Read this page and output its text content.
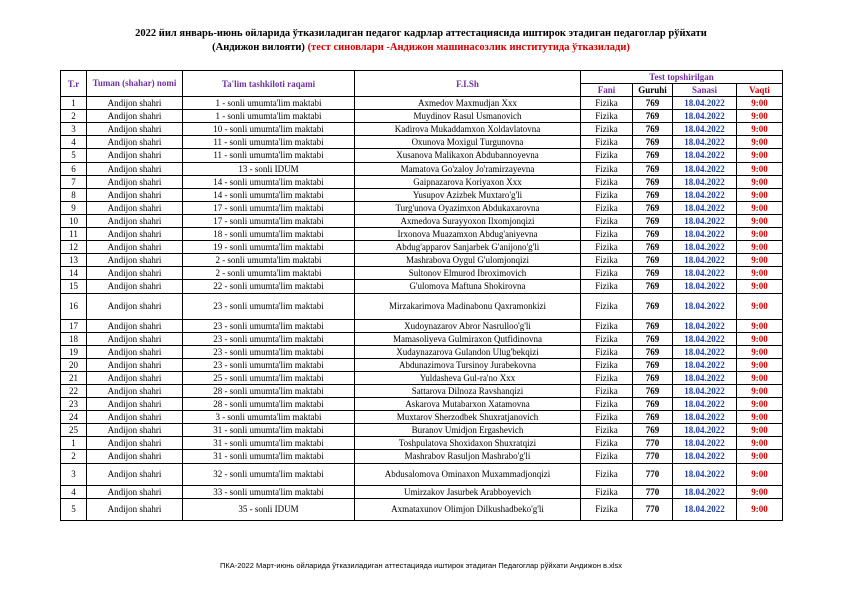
2022 йил январь-июнь ойларида ўтказиладиган педагог кадрлар аттестациясида иштирок этадиган педагоглар рўйхати
(Андижон вилояти) (тест синовлари -Андижон машинасозлик институтида ўтказилади)
T.r	Tuman (shahar) nomi	Ta'lim tashkiloti raqami	F.I.Sh	Test topshirilgan			
				Fani	Guruhi	Sanasi	Vaqti
1	Andijon shahri	1 - sonli umumta'lim maktabi	Axmedov Maxmudjan Xxx	Fizika	769	18.04.2022	9:00
2	Andijon shahri	1 - sonli umumta'lim maktabi	Muydinov Rasul Usmanovich	Fizika	769	18.04.2022	9:00
3	Andijon shahri	10 - sonli umumta'lim maktabi	Kadirova Mukaddamxon Xoldavlatovna	Fizika	769	18.04.2022	9:00
4	Andijon shahri	11 - sonli umumta'lim maktabi	Oxunova Moxigul Turgunovna	Fizika	769	18.04.2022	9:00
5	Andijon shahri	11 - sonli umumta'lim maktabi	Xusanova Malikaxon Abdubannoyevna	Fizika	769	18.04.2022	9:00
6	Andijon shahri	13 - sonli IDUM	Mamatova Go'zaloy Jo'ramirzayevna	Fizika	769	18.04.2022	9:00
7	Andijon shahri	14 - sonli umumta'lim maktabi	Gaipnazarova Koriyaxon Xxx	Fizika	769	18.04.2022	9:00
8	Andijon shahri	14 - sonli umumta'lim maktabi	Yusupov Azizbek Muxtaro'g'li	Fizika	769	18.04.2022	9:00
9	Andijon shahri	17 - sonli umumta'lim maktabi	Turg'unova Oyazimxon Abdukaxarovna	Fizika	769	18.04.2022	9:00
10	Andijon shahri	17 - sonli umumta'lim maktabi	Axmedova Surayyoxon Ilxomjonqizi	Fizika	769	18.04.2022	9:00
11	Andijon shahri	18 - sonli umumta'lim maktabi	Irxonova Muazamxon Abdug'aniyevna	Fizika	769	18.04.2022	9:00
12	Andijon shahri	19 - sonli umumta'lim maktabi	Abdug'apparov Sanjarbek G'anijono'g'li	Fizika	769	18.04.2022	9:00
13	Andijon shahri	2 - sonli umumta'lim maktabi	Mashrabova Oygul G'ulomjonqizi	Fizika	769	18.04.2022	9:00
14	Andijon shahri	2 - sonli umumta'lim maktabi	Sultonov Elmurod Ibroximovich	Fizika	769	18.04.2022	9:00
15	Andijon shahri	22 - sonli umumta'lim maktabi	G'ulomova Maftuna Shokirovna	Fizika	769	18.04.2022	9:00
16	Andijon shahri	23 - sonli umumta'lim maktabi	Mirzakarimova Madinabonu Qaxramonkizi	Fizika	769	18.04.2022	9:00
17	Andijon shahri	23 - sonli umumta'lim maktabi	Xudoynazarov Abror Nasrulloo'g'li	Fizika	769	18.04.2022	9:00
18	Andijon shahri	23 - sonli umumta'lim maktabi	Mamasoliyeva Gulmiraxon Qutfidinovna	Fizika	769	18.04.2022	9:00
19	Andijon shahri	23 - sonli umumta'lim maktabi	Xudaynazarova Gulandon Ulug'bekqizi	Fizika	769	18.04.2022	9:00
20	Andijon shahri	23 - sonli umumta'lim maktabi	Abdunazimova Tursinoy Jurabekovna	Fizika	769	18.04.2022	9:00
21	Andijon shahri	25 - sonli umumta'lim maktabi	Yuldasheva Gul-ra'no Xxx	Fizika	769	18.04.2022	9:00
22	Andijon shahri	28 - sonli umumta'lim maktabi	Sattarova Dilnoza Ravshanqizi	Fizika	769	18.04.2022	9:00
23	Andijon shahri	28 - sonli umumta'lim maktabi	Askarova Mutabarxon Xatamovna	Fizika	769	18.04.2022	9:00
24	Andijon shahri	3 - sonli umumta'lim maktabi	Muxtarov Sherzodbek Shuxratjanovich	Fizika	769	18.04.2022	9:00
25	Andijon shahri	31 - sonli umumta'lim maktabi	Buranov Umidjon Ergashevich	Fizika	769	18.04.2022	9:00
1	Andijon shahri	31 - sonli umumta'lim maktabi	Toshpulatova Shoxidaxon Shuxratqizi	Fizika	770	18.04.2022	9:00
2	Andijon shahri	31 - sonli umumta'lim maktabi	Mashrabov Rasuljon Mashrabo'g'li	Fizika	770	18.04.2022	9:00
3	Andijon shahri	32 - sonli umumta'lim maktabi	Abdusalomova Ominaxon Muxammadjonqizi	Fizika	770	18.04.2022	9:00
4	Andijon shahri	33 - sonli umumta'lim maktabi	Umirzakov Jasurbek Arabboyevich	Fizika	770	18.04.2022	9:00
5	Andijon shahri	35 - sonli IDUM	Axmataxunov Olimjon Dilkushadbeko'g'li	Fizika	770	18.04.2022	9:00
ПКА-2022 Март-июнь ойларида ўтказиладиган аттестацияда иштирок этадиган Педагоглар рўйхати Андижон в.xlsx
